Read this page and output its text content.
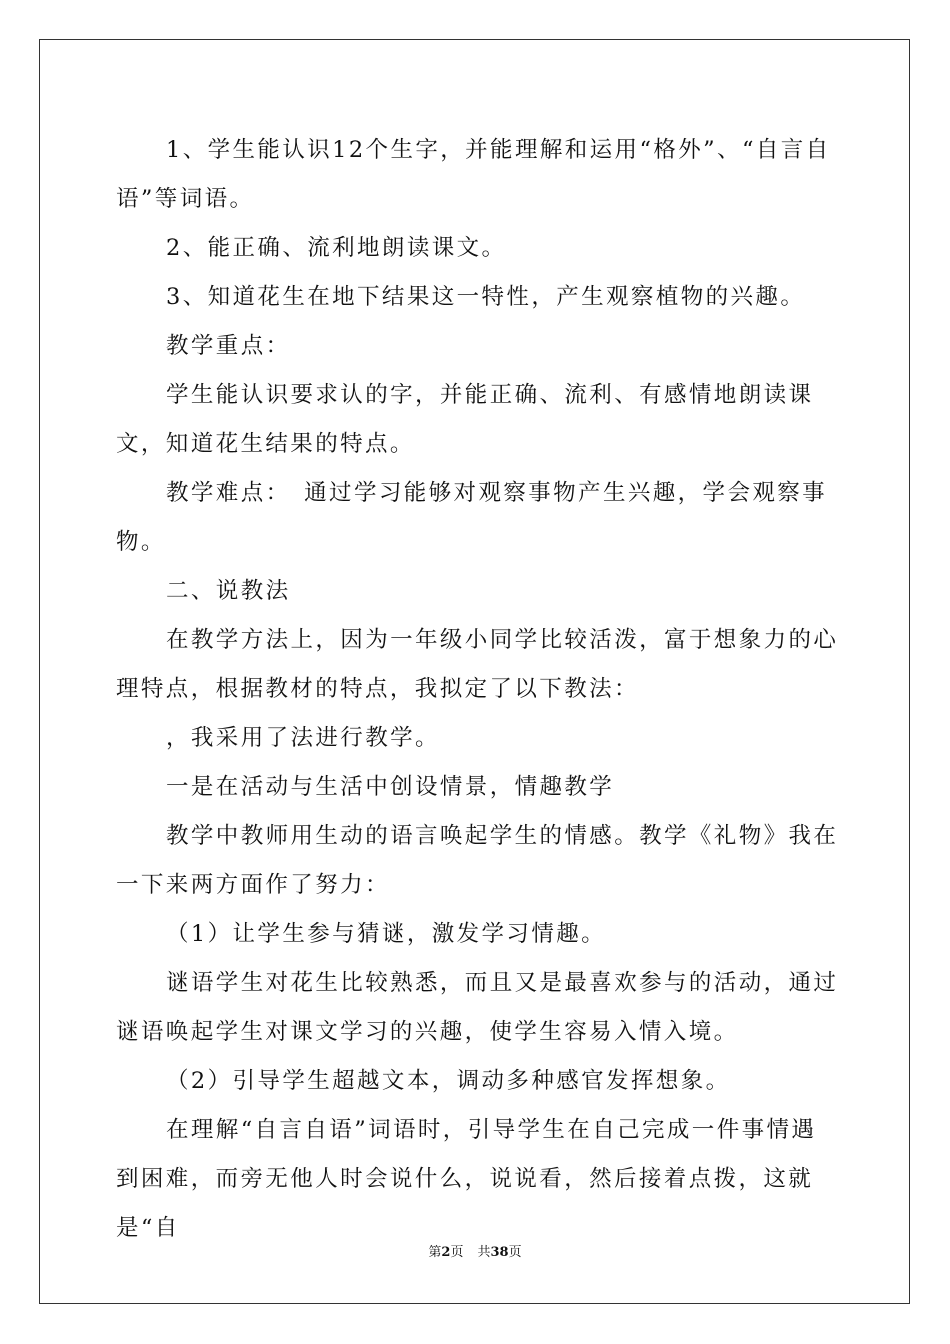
1、学生能认识12个生字，并能理解和运用“格外”、“自言自语”等词语。

2、能正确、流利地朗读课文。

3、知道花生在地下结果这一特性，产生观察植物的兴趣。

教学重点：

学生能认识要求认的字，并能正确、流利、有感情地朗读课文，知道花生结果的特点。

教学难点：　通过学习能够对观察事物产生兴趣，学会观察事物。

二、说教法

在教学方法上，因为一年级小同学比较活泼，富于想象力的心理特点，根据教材的特点，我拟定了以下教法：

，我采用了法进行教学。

一是在活动与生活中创设情景，情趣教学

教学中教师用生动的语言唤起学生的情感。教学《礼物》我在一下来两方面作了努力：

（1）让学生参与猜谜，激发学习情趣。

谜语学生对花生比较熟悉，而且又是最喜欢参与的活动，通过谜语唤起学生对课文学习的兴趣，使学生容易入情入境。

（2）引导学生超越文本，调动多种感官发挥想象。

在理解“自言自语”词语时，引导学生在自己完成一件事情遇到困难，而旁无他人时会说什么，说说看，然后接着点拨，这就是“自

第2页 共38页
